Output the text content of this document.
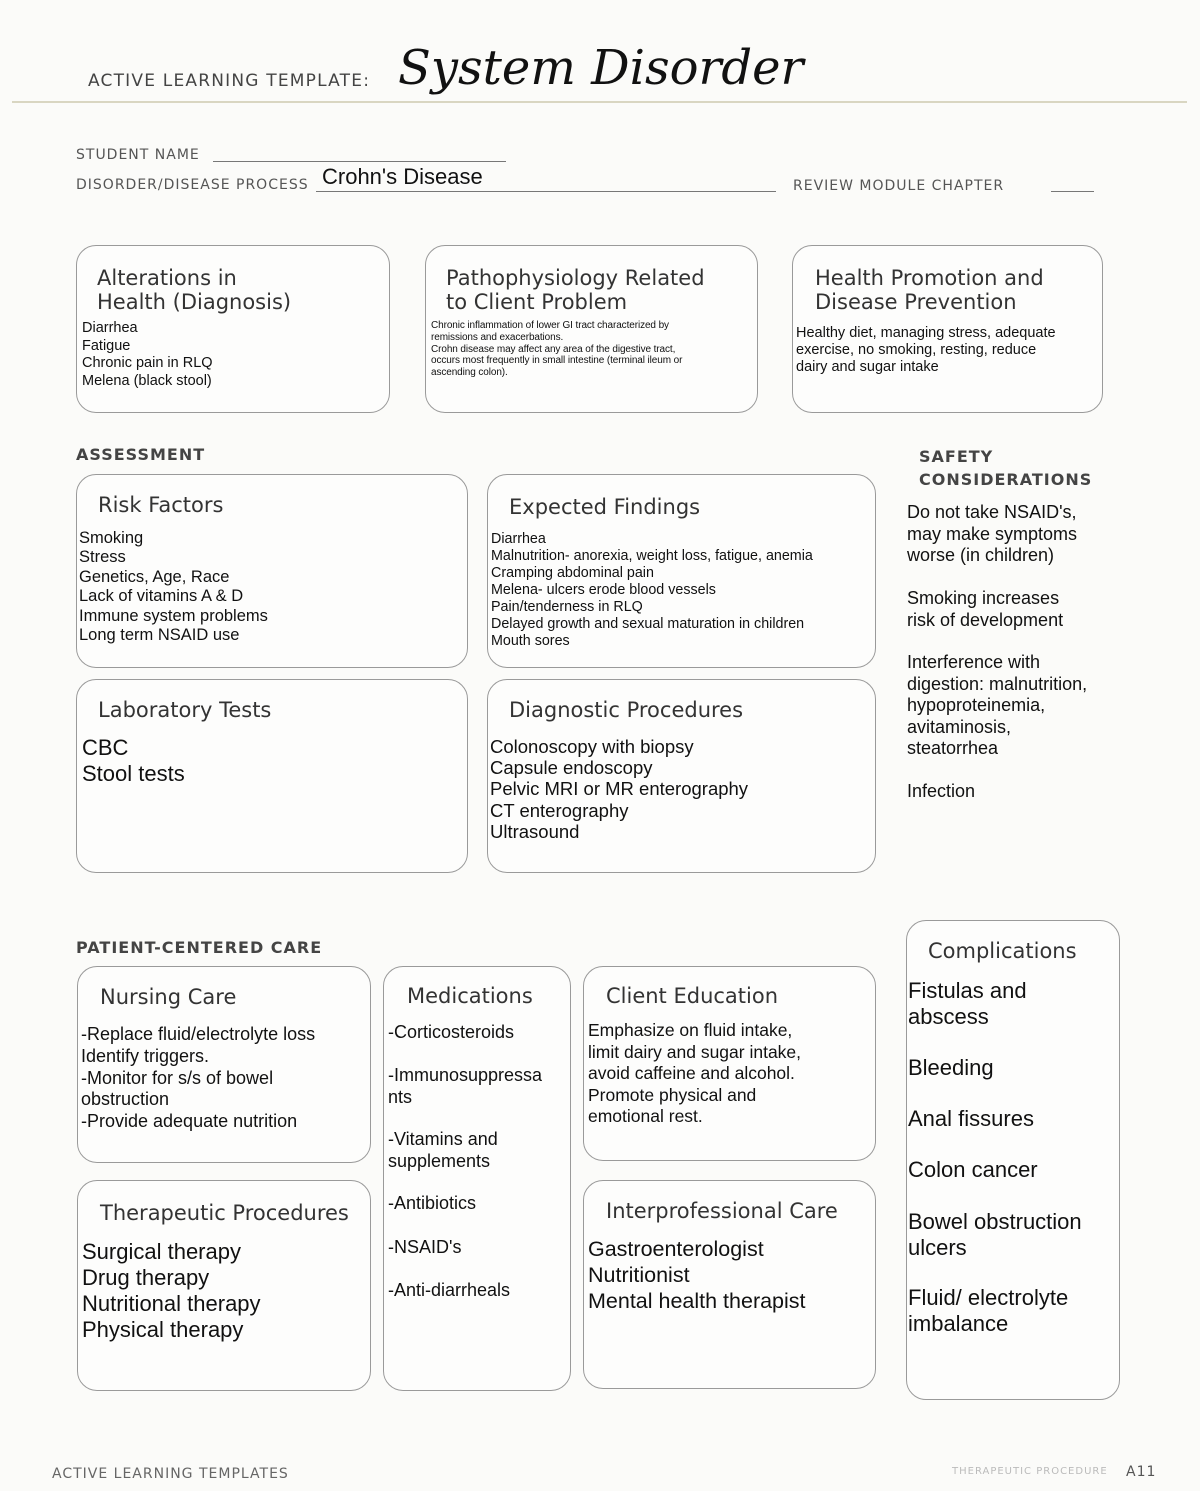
ACTIVE LEARNING TEMPLATE: System Disorder
STUDENT NAME
DISORDER/DISEASE PROCESS Crohn's Disease	REVIEW MODULE CHAPTER
Alterations in
Health (Diagnosis)
Diarrhea
Fatigue
Chronic pain in RLQ
Melena (black stool)
Pathophysiology Related
to Client Problem
Chronic inflammation of lower GI tract characterized by
remissions and exacerbations.
Crohn disease may affect any area of the digestive tract,
occurs most frequently in small intestine (terminal ileum or
ascending colon).
Health Promotion and
Disease Prevention
Healthy diet, managing stress, adequate
exercise, no smoking, resting, reduce
dairy and sugar intake
ASSESSMENT
Risk Factors
Smoking
Stress
Genetics, Age, Race
Lack of vitamins A & D
Immune system problems
Long term NSAID use
Expected Findings
Diarrhea
Malnutrition- anorexia, weight loss, fatigue, anemia
Cramping abdominal pain
Melena- ulcers erode blood vessels
Pain/tenderness in RLQ
Delayed growth and sexual maturation in children
Mouth sores
Laboratory Tests
CBC
Stool tests
Diagnostic Procedures
Colonoscopy with biopsy
Capsule endoscopy
Pelvic MRI or MR enterography
CT enterography
Ultrasound
SAFETY
CONSIDERATIONS
Do not take NSAID's,
may make symptoms
worse (in children)
Smoking increases
risk of development
Interference with
digestion: malnutrition,
hypoproteinemia,
avitaminosis,
steatorrhea
Infection
PATIENT-CENTERED CARE
Nursing Care
-Replace fluid/electrolyte loss
Identify triggers.
-Monitor for s/s of bowel
obstruction
-Provide adequate nutrition
Medications
-Corticosteroids
-Immunosuppressa
nts
-Vitamins and
supplements
-Antibiotics
-NSAID's
-Anti-diarrheals
Client Education
Emphasize on fluid intake,
limit dairy and sugar intake,
avoid caffeine and alcohol.
Promote physical and
emotional rest.
Therapeutic Procedures
Surgical therapy
Drug therapy
Nutritional therapy
Physical therapy
Interprofessional Care
Gastroenterologist
Nutritionist
Mental health therapist
Complications
Fistulas and
abscess
Bleeding
Anal fissures
Colon cancer
Bowel obstruction
ulcers
Fluid/ electrolyte
imbalance
ACTIVE LEARNING TEMPLATES	THERAPEUTIC PROCEDURE A11
